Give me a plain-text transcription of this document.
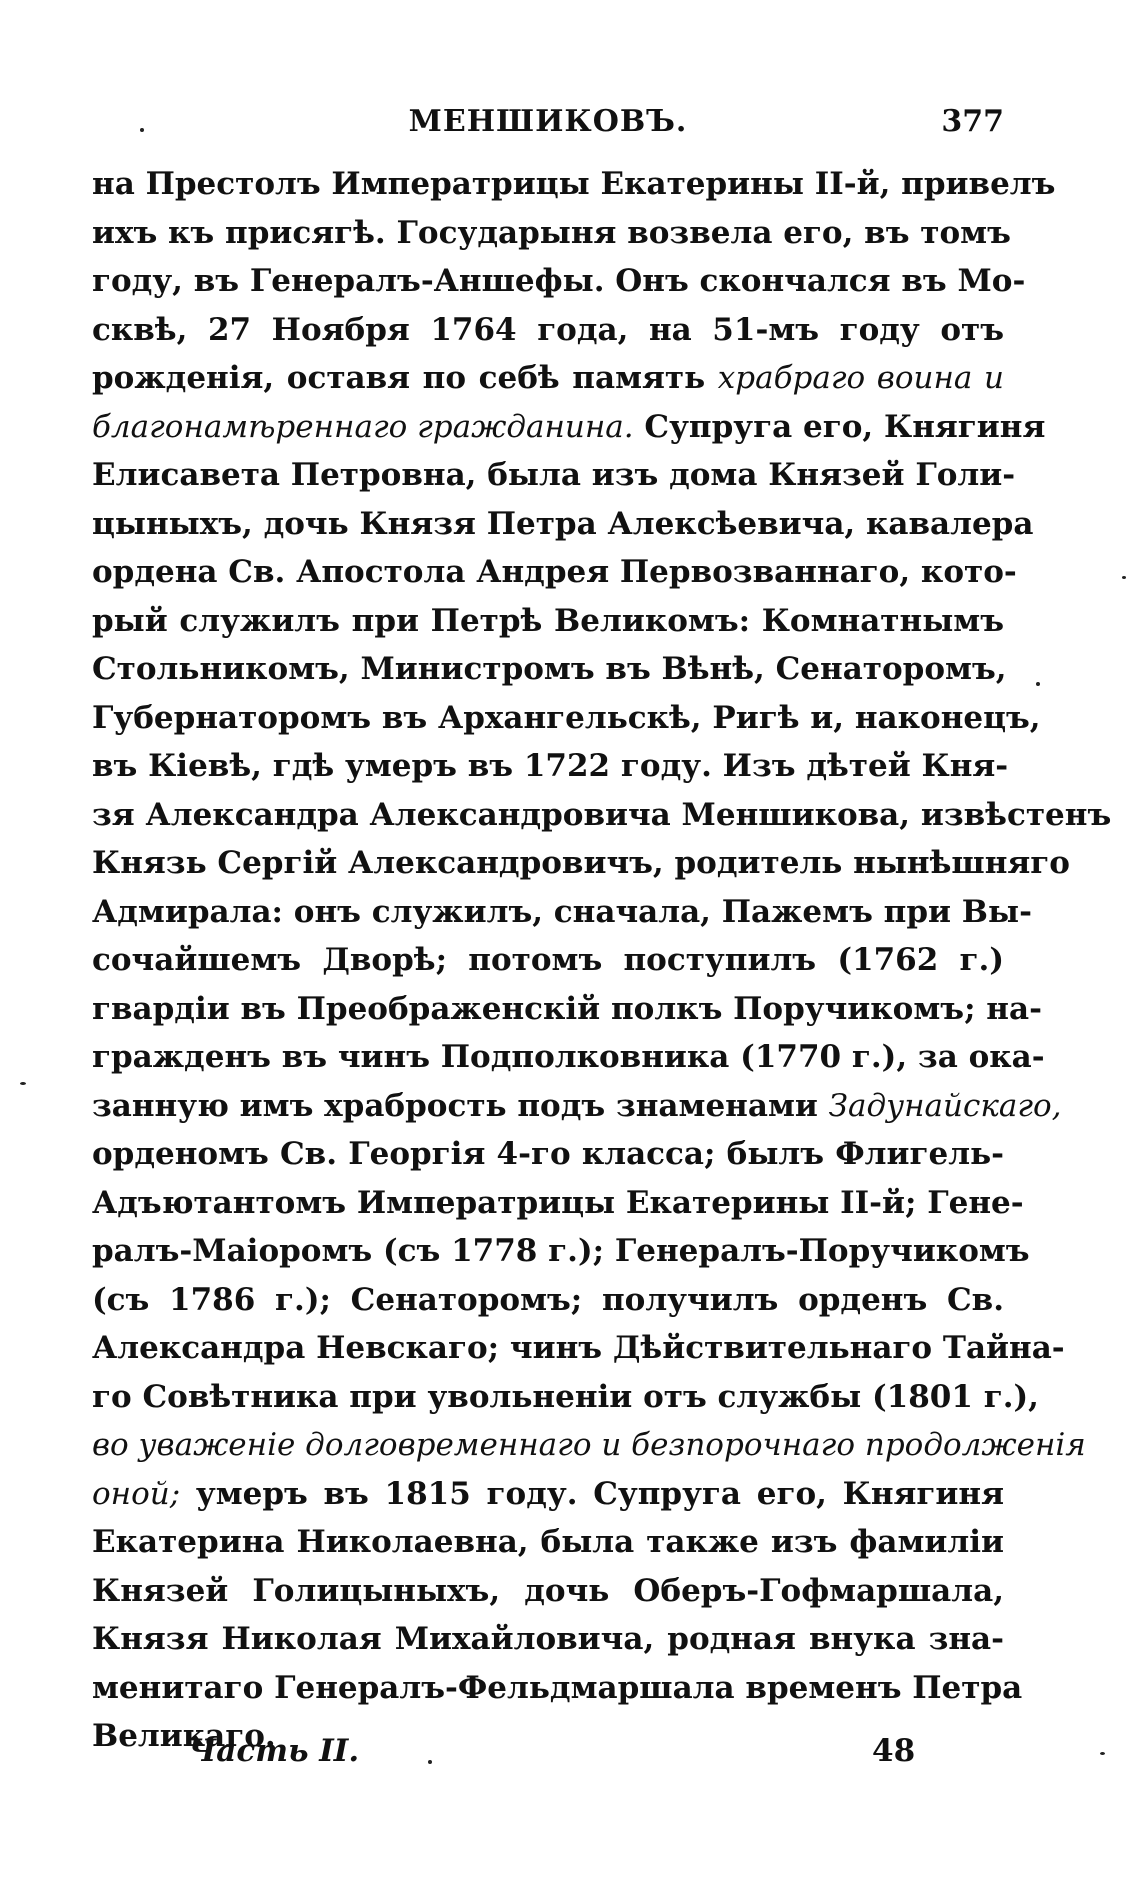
МЕНШИКОВЪ.	377
на Престолъ Императрицы Екатерины II-й, привелъ
ихъ къ присягѣ. Государыня возвела его, въ томъ
году, въ Генералъ-Аншефы. Онъ скончался въ Мо-
сквѣ, 27 Ноября 1764 года, на 51-мъ году отъ
рожденія, оставя по себѣ память храбраго воина и
благонамѣреннаго гражданина. Супруга его, Княгиня
Елисавета Петровна, была изъ дома Князей Голи-
цыныхъ, дочь Князя Петра Алексѣевича, кавалера
ордена Св. Апостола Андрея Первозваннаго, кото-
рый служилъ при Петрѣ Великомъ: Комнатнымъ
Стольникомъ, Министромъ въ Вѣнѣ, Сенаторомъ,
Губернаторомъ въ Архангельскѣ, Ригѣ и, наконецъ,
въ Кіевѣ, гдѣ умеръ въ 1722 году. Изъ дѣтей Кня-
зя Александра Александровича Меншикова, извѣстенъ
Князь Сергій Александровичъ, родитель нынѣшняго
Адмирала: онъ служилъ, сначала, Пажемъ при Вы-
сочайшемъ Дворѣ; потомъ поступилъ (1762 г.)
гвардіи въ Преображенскій полкъ Поручикомъ; на-
гражденъ въ чинъ Подполковника (1770 г.), за ока-
занную имъ храбрость подъ знаменами Задунайскаго,
орденомъ Св. Георгія 4-го класса; былъ Флигель-
Адъютантомъ Императрицы Екатерины II-й; Гене-
ралъ-Маіоромъ (съ 1778 г.); Генералъ-Поручикомъ
(съ 1786 г.); Сенаторомъ; получилъ орденъ Св.
Александра Невскаго; чинъ Дѣйствительнаго Тайна-
го Совѣтника при увольненіи отъ службы (1801 г.),
во уваженіе долговременнаго и безпорочнаго продолженія
оной; умеръ въ 1815 году. Супруга его, Княгиня
Екатерина Николаевна, была также изъ фамиліи
Князей Голицыныхъ, дочь Оберъ-Гофмаршала,
Князя Николая Михайловича, родная внука зна-
менитаго Генералъ-Фельдмаршала временъ Петра
Великаго.
Часть II.	48
